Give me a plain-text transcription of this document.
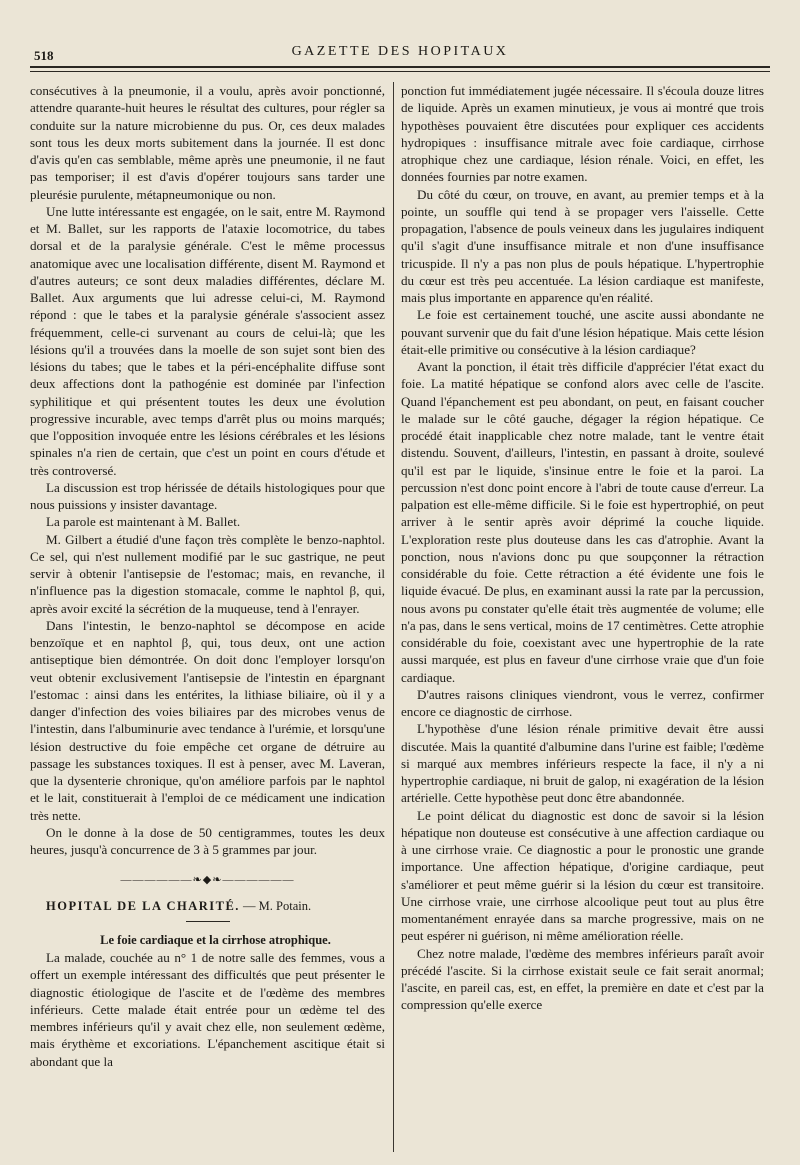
518	GAZETTE DES HOPITAUX

consécutives à la pneumonie, il a voulu, après avoir ponctionné, attendre quarante-huit heures le résultat des cultures, pour régler sa conduite sur la nature microbienne du pus. Or, ces deux malades sont tous les deux morts subitement dans la journée. Il est donc d'avis qu'en cas semblable, même après une pneumonie, il ne faut pas temporiser; il est d'avis d'opérer toujours sans tarder une pleurésie purulente, métapneumonique ou non.

Une lutte intéressante est engagée, on le sait, entre M. Raymond et M. Ballet, sur les rapports de l'ataxie locomotrice, du tabes dorsal et de la paralysie générale. C'est le même processus anatomique avec une localisation différente, disent M. Raymond et d'autres auteurs; ce sont deux maladies différentes, déclare M. Ballet. Aux arguments que lui adresse celui-ci, M. Raymond répond : que le tabes et la paralysie générale s'associent assez fréquemment, celle-ci survenant au cours de celui-là; que les lésions qu'il a trouvées dans la moelle de son sujet sont bien des lésions du tabes; que le tabes et la péri-encéphalite diffuse sont deux affections dont la pathogénie est dominée par l'infection syphilitique et qui présentent toutes les deux une évolution progressive incurable, avec temps d'arrêt plus ou moins marqués; que l'opposition invoquée entre les lésions cérébrales et les lésions spinales n'a rien de certain, que c'est un point en cours d'étude et très controversé.

La discussion est trop hérissée de détails histologiques pour que nous puissions y insister davantage.

La parole est maintenant à M. Ballet.

M. Gilbert a étudié d'une façon très complète le benzo-naphtol. Ce sel, qui n'est nullement modifié par le suc gastrique, ne peut servir à obtenir l'antisepsie de l'estomac; mais, en revanche, il n'influence pas la digestion stomacale, comme le naphtol β, qui, après avoir excité la sécrétion de la muqueuse, tend à l'enrayer.

Dans l'intestin, le benzo-naphtol se décompose en acide benzoïque et en naphtol β, qui, tous deux, ont une action antiseptique bien démontrée. On doit donc l'employer lorsqu'on veut obtenir exclusivement l'antisepsie de l'intestin en épargnant l'estomac : ainsi dans les entérites, la lithiase biliaire, où il y a danger d'infection des voies biliaires par des microbes venus de l'intestin, dans l'albuminurie avec tendance à l'urémie, et lorsqu'une lésion destructive du foie empêche cet organe de détruire au passage les substances toxiques. Il est à penser, avec M. Laveran, que la dysenterie chronique, qu'on améliore parfois par le naphtol et le lait, constituerait à l'emploi de ce médicament une indication très nette.

On le donne à la dose de 50 centigrammes, toutes les deux heures, jusqu'à concurrence de 3 à 5 grammes par jour.

——————❧◆❧——————

HOPITAL DE LA CHARITÉ. — M. Potain.

Le foie cardiaque et la cirrhose atrophique.

La malade, couchée au n° 1 de notre salle des femmes, vous a offert un exemple intéressant des difficultés que peut présenter le diagnostic étiologique de l'ascite et de l'œdème des membres inférieurs. Cette malade était entrée pour un œdème tel des membres inférieurs qu'il y avait chez elle, non seulement œdème, mais érythème et excoriations. L'épanchement ascitique était si abondant que la

ponction fut immédiatement jugée nécessaire. Il s'écoula douze litres de liquide. Après un examen minutieux, je vous ai montré que trois hypothèses pouvaient être discutées pour expliquer ces accidents hydropiques : insuffisance mitrale avec foie cardiaque, cirrhose atrophique chez une cardiaque, lésion rénale. Voici, en effet, les données fournies par notre examen.

Du côté du cœur, on trouve, en avant, au premier temps et à la pointe, un souffle qui tend à se propager vers l'aisselle. Cette propagation, l'absence de pouls veineux dans les jugulaires indiquent qu'il s'agit d'une insuffisance mitrale et non d'une insuffisance tricuspide. Il n'y a pas non plus de pouls hépatique. L'hypertrophie du cœur est très peu accentuée. La lésion cardiaque est manifeste, mais plus importante en apparence qu'en réalité.

Le foie est certainement touché, une ascite aussi abondante ne pouvant survenir que du fait d'une lésion hépatique. Mais cette lésion était-elle primitive ou consécutive à la lésion cardiaque?

Avant la ponction, il était très difficile d'apprécier l'état exact du foie. La matité hépatique se confond alors avec celle de l'ascite. Quand l'épanchement est peu abondant, on peut, en faisant coucher le malade sur le côté gauche, dégager la région hépatique. Ce procédé était inapplicable chez notre malade, tant le ventre était distendu. Souvent, d'ailleurs, l'intestin, en passant à droite, soulevé qu'il est par le liquide, s'insinue entre le foie et la paroi. La percussion n'est donc point encore à l'abri de toute cause d'erreur. La palpation est elle-même difficile. Si le foie est hypertrophié, on peut arriver à le sentir après avoir déprimé la couche liquide. L'exploration reste plus douteuse dans les cas d'atrophie. Avant la ponction, nous n'avions donc pu que soupçonner la rétraction considérable du foie. Cette rétraction a été évidente une fois le liquide évacué. De plus, en examinant aussi la rate par la percussion, nous avons pu constater qu'elle était très augmentée de volume; elle n'a pas, dans le sens vertical, moins de 17 centimètres. Cette atrophie considérable du foie, coexistant avec une hypertrophie de la rate aussi marquée, est plus en faveur d'une cirrhose vraie que d'un foie cardiaque.

D'autres raisons cliniques viendront, vous le verrez, confirmer encore ce diagnostic de cirrhose.

L'hypothèse d'une lésion rénale primitive devait être aussi discutée. Mais la quantité d'albumine dans l'urine est faible; l'œdème si marqué aux membres inférieurs respecte la face, il n'y a ni hypertrophie cardiaque, ni bruit de galop, ni exagération de la lésion artérielle. Cette hypothèse peut donc être abandonnée.

Le point délicat du diagnostic est donc de savoir si la lésion hépatique non douteuse est consécutive à une affection cardiaque ou à une cirrhose vraie. Ce diagnostic a pour le pronostic une grande importance. Une affection hépatique, d'origine cardiaque, peut s'améliorer et peut même guérir si la lésion du cœur est transitoire. Une cirrhose vraie, une cirrhose alcoolique peut tout au plus être momentanément enrayée dans sa marche progressive, mais on ne peut espérer ni guérison, ni même amélioration réelle.

Chez notre malade, l'œdème des membres inférieurs paraît avoir précédé l'ascite. Si la cirrhose existait seule ce fait serait anormal; l'ascite, en pareil cas, est, en effet, la première en date et c'est par la compression qu'elle exerce
